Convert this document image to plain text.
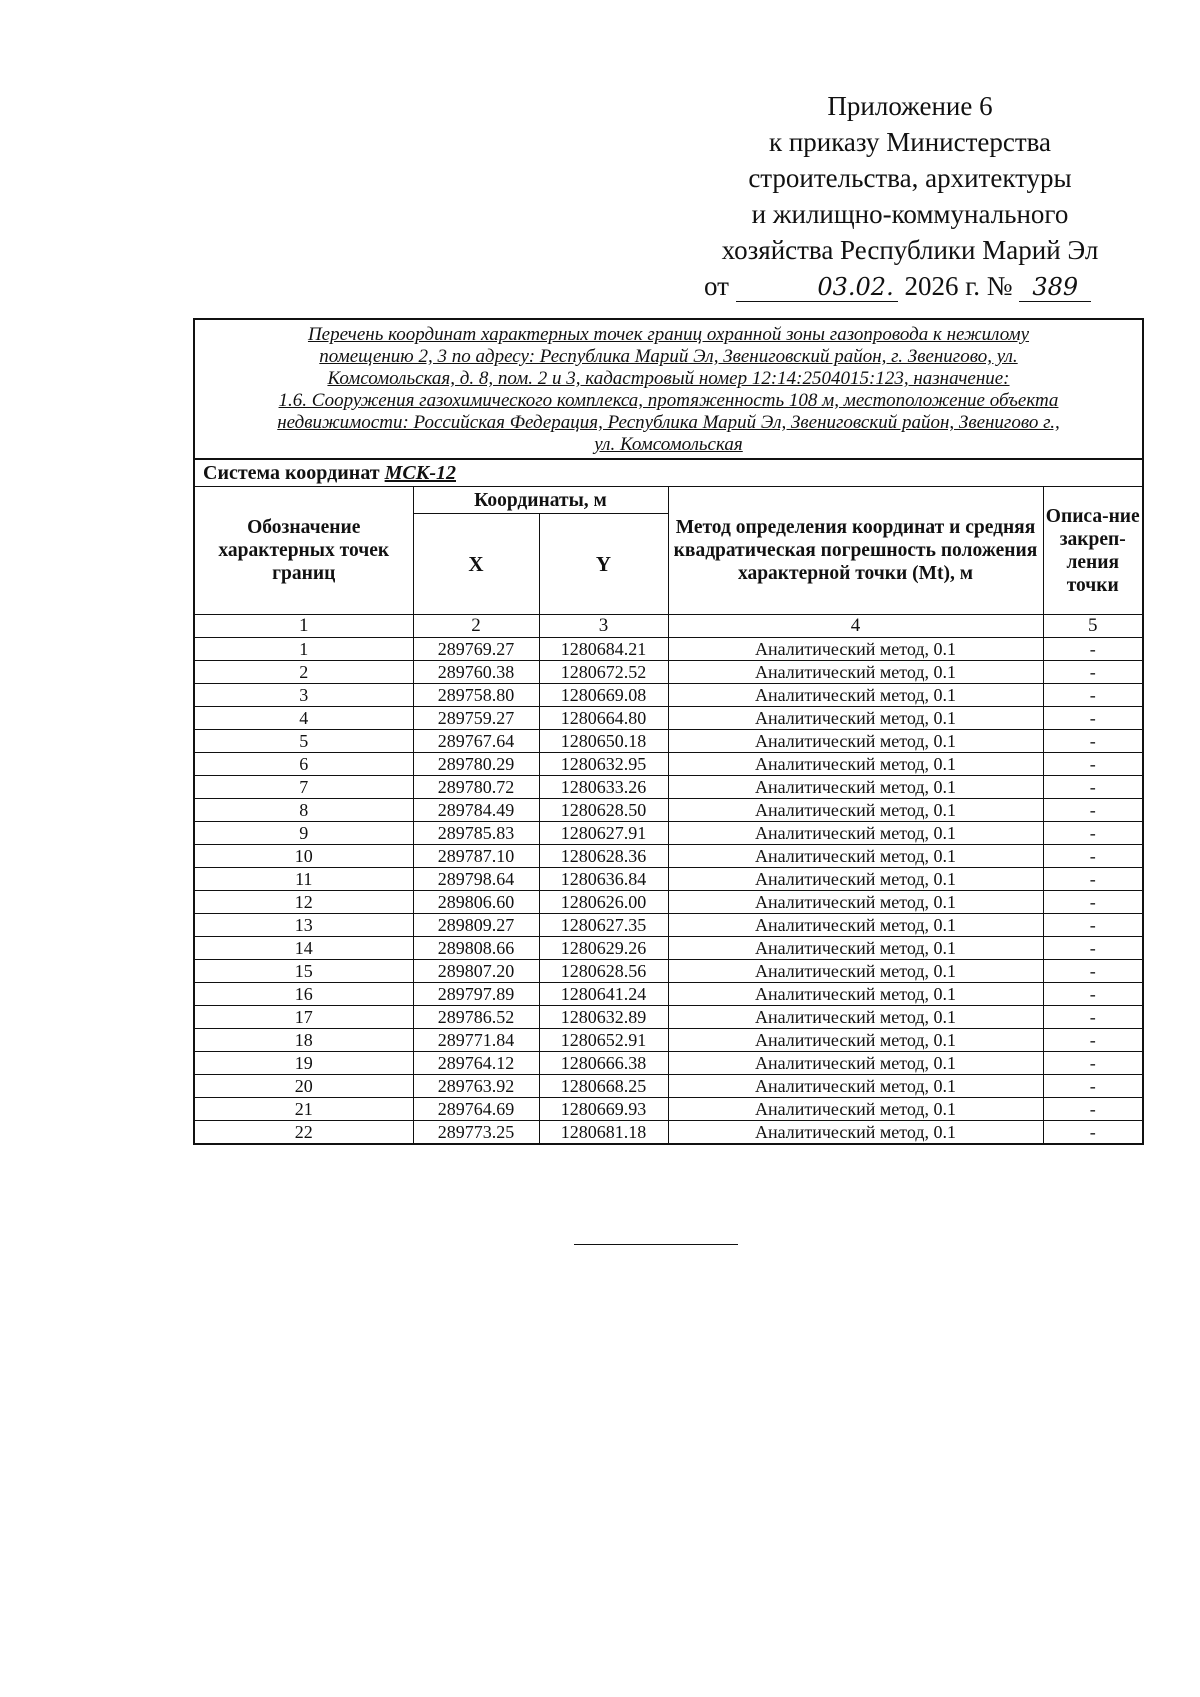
Приложение 6
к приказу Министерства
строительства, архитектуры
и жилищно-коммунального
хозяйства Республики Марий Эл
от	03.02. 2026 г. № 389
Перечень координат характерных точек границ охранной зоны газопровода к нежилому
помещению 2, 3 по адресу: Республика Марий Эл, Звениговский район, г. Звенигово, ул.
Комсомольская, д. 8, пом. 2 и 3, кадастровый номер 12:14:2504015:123, назначение:
1.6. Сооружения газохимического комплекса, протяженность 108 м, местоположение объекта
недвижимости: Российская Федерация, Республика Марий Эл, Звениговский район, Звенигово г.,
ул. Комсомольская
Система координат МСК-12
Обозначение характерных точек границ	Координаты, м		Метод определения координат и средняя квадратическая погрешность положения характерной точки (Mt), м	Описа-ние закреп-ления точки
	X	Y		
1	2	3	4	5
1	289769.27	1280684.21	Аналитический метод, 0.1	-
2	289760.38	1280672.52	Аналитический метод, 0.1	-
3	289758.80	1280669.08	Аналитический метод, 0.1	-
4	289759.27	1280664.80	Аналитический метод, 0.1	-
5	289767.64	1280650.18	Аналитический метод, 0.1	-
6	289780.29	1280632.95	Аналитический метод, 0.1	-
7	289780.72	1280633.26	Аналитический метод, 0.1	-
8	289784.49	1280628.50	Аналитический метод, 0.1	-
9	289785.83	1280627.91	Аналитический метод, 0.1	-
10	289787.10	1280628.36	Аналитический метод, 0.1	-
11	289798.64	1280636.84	Аналитический метод, 0.1	-
12	289806.60	1280626.00	Аналитический метод, 0.1	-
13	289809.27	1280627.35	Аналитический метод, 0.1	-
14	289808.66	1280629.26	Аналитический метод, 0.1	-
15	289807.20	1280628.56	Аналитический метод, 0.1	-
16	289797.89	1280641.24	Аналитический метод, 0.1	-
17	289786.52	1280632.89	Аналитический метод, 0.1	-
18	289771.84	1280652.91	Аналитический метод, 0.1	-
19	289764.12	1280666.38	Аналитический метод, 0.1	-
20	289763.92	1280668.25	Аналитический метод, 0.1	-
21	289764.69	1280669.93	Аналитический метод, 0.1	-
22	289773.25	1280681.18	Аналитический метод, 0.1	-
